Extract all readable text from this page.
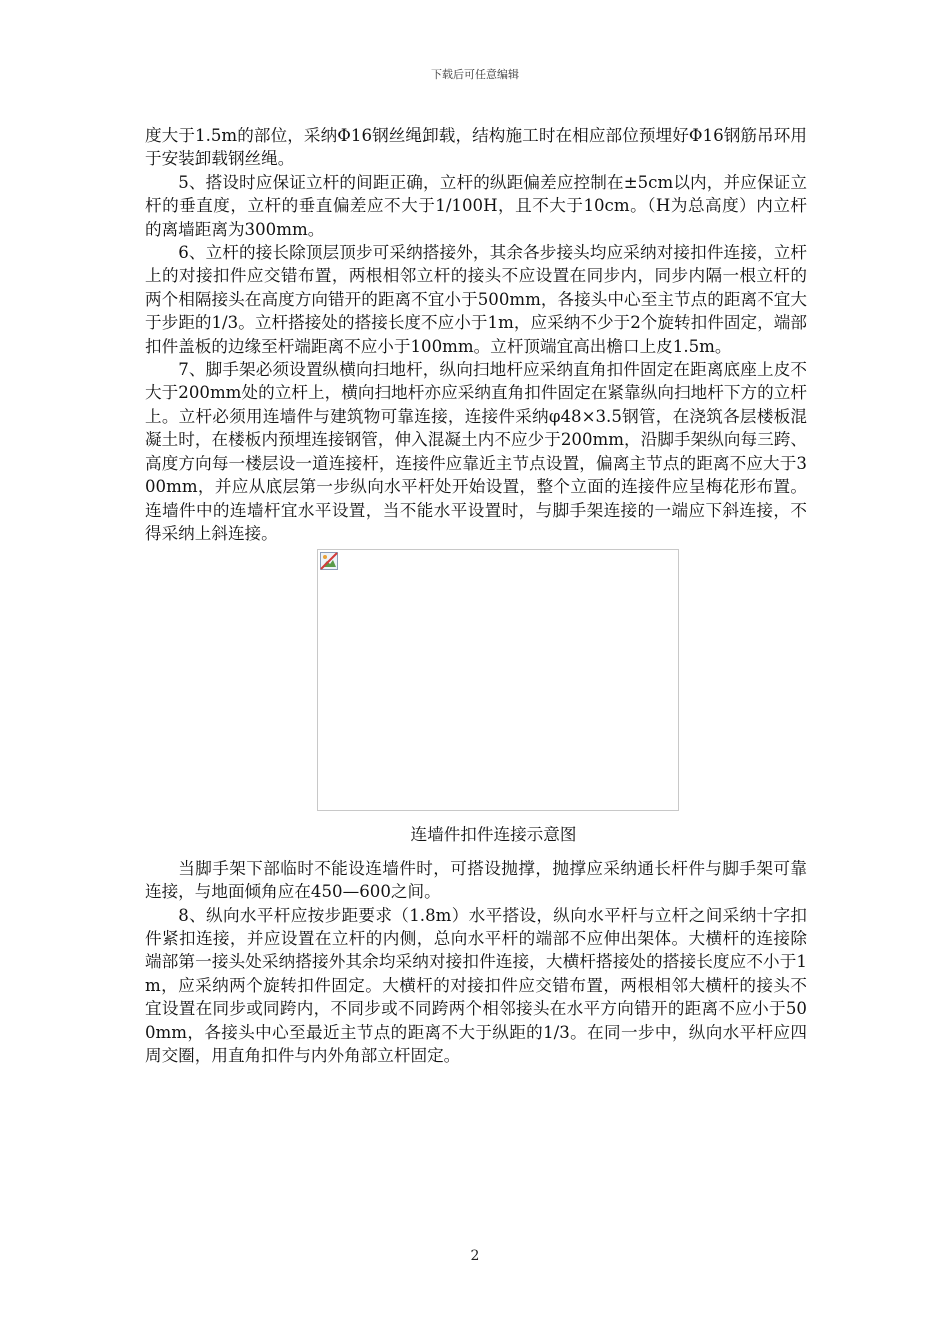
下载后可任意编辑

度大于1.5m的部位，采纳Φ16钢丝绳卸载，结构施工时在相应部位预埋好Φ16钢筋吊环用于安装卸载钢丝绳。

5、搭设时应保证立杆的间距正确，立杆的纵距偏差应控制在±5cm以内，并应保证立杆的垂直度，立杆的垂直偏差应不大于1/100H，且不大于10cm。（H为总高度）内立杆的离墙距离为300mm。

6、立杆的接长除顶层顶步可采纳搭接外，其余各步接头均应采纳对接扣件连接，立杆上的对接扣件应交错布置，两根相邻立杆的接头不应设置在同步内，同步内隔一根立杆的两个相隔接头在高度方向错开的距离不宜小于500mm，各接头中心至主节点的距离不宜大于步距的1/3。立杆搭接处的搭接长度不应小于1m，应采纳不少于2个旋转扣件固定，端部扣件盖板的边缘至杆端距离不应小于100mm。立杆顶端宜高出檐口上皮1.5m。

7、脚手架必须设置纵横向扫地杆，纵向扫地杆应采纳直角扣件固定在距离底座上皮不大于200mm处的立杆上，横向扫地杆亦应采纳直角扣件固定在紧靠纵向扫地杆下方的立杆上。立杆必须用连墙件与建筑物可靠连接，连接件采纳φ48×3.5钢管，在浇筑各层楼板混凝土时，在楼板内预埋连接钢管，伸入混凝土内不应少于200mm，沿脚手架纵向每三跨、高度方向每一楼层设一道连接杆，连接件应靠近主节点设置，偏离主节点的距离不应大于300mm，并应从底层第一步纵向水平杆处开始设置，整个立面的连接件应呈梅花形布置。连墙件中的连墙杆宜水平设置，当不能水平设置时，与脚手架连接的一端应下斜连接，不得采纳上斜连接。

连墙件扣件连接示意图

当脚手架下部临时不能设连墙件时，可搭设抛撑，抛撑应采纳通长杆件与脚手架可靠连接，与地面倾角应在450—600之间。

8、纵向水平杆应按步距要求（1.8m）水平搭设，纵向水平杆与立杆之间采纳十字扣件紧扣连接，并应设置在立杆的内侧，总向水平杆的端部不应伸出架体。大横杆的连接除端部第一接头处采纳搭接外其余均采纳对接扣件连接，大横杆搭接处的搭接长度应不小于1m，应采纳两个旋转扣件固定。大横杆的对接扣件应交错布置，两根相邻大横杆的接头不宜设置在同步或同跨内，不同步或不同跨两个相邻接头在水平方向错开的距离不应小于500mm，各接头中心至最近主节点的距离不大于纵距的1/3。在同一步中，纵向水平杆应四周交圈，用直角扣件与内外角部立杆固定。

2
